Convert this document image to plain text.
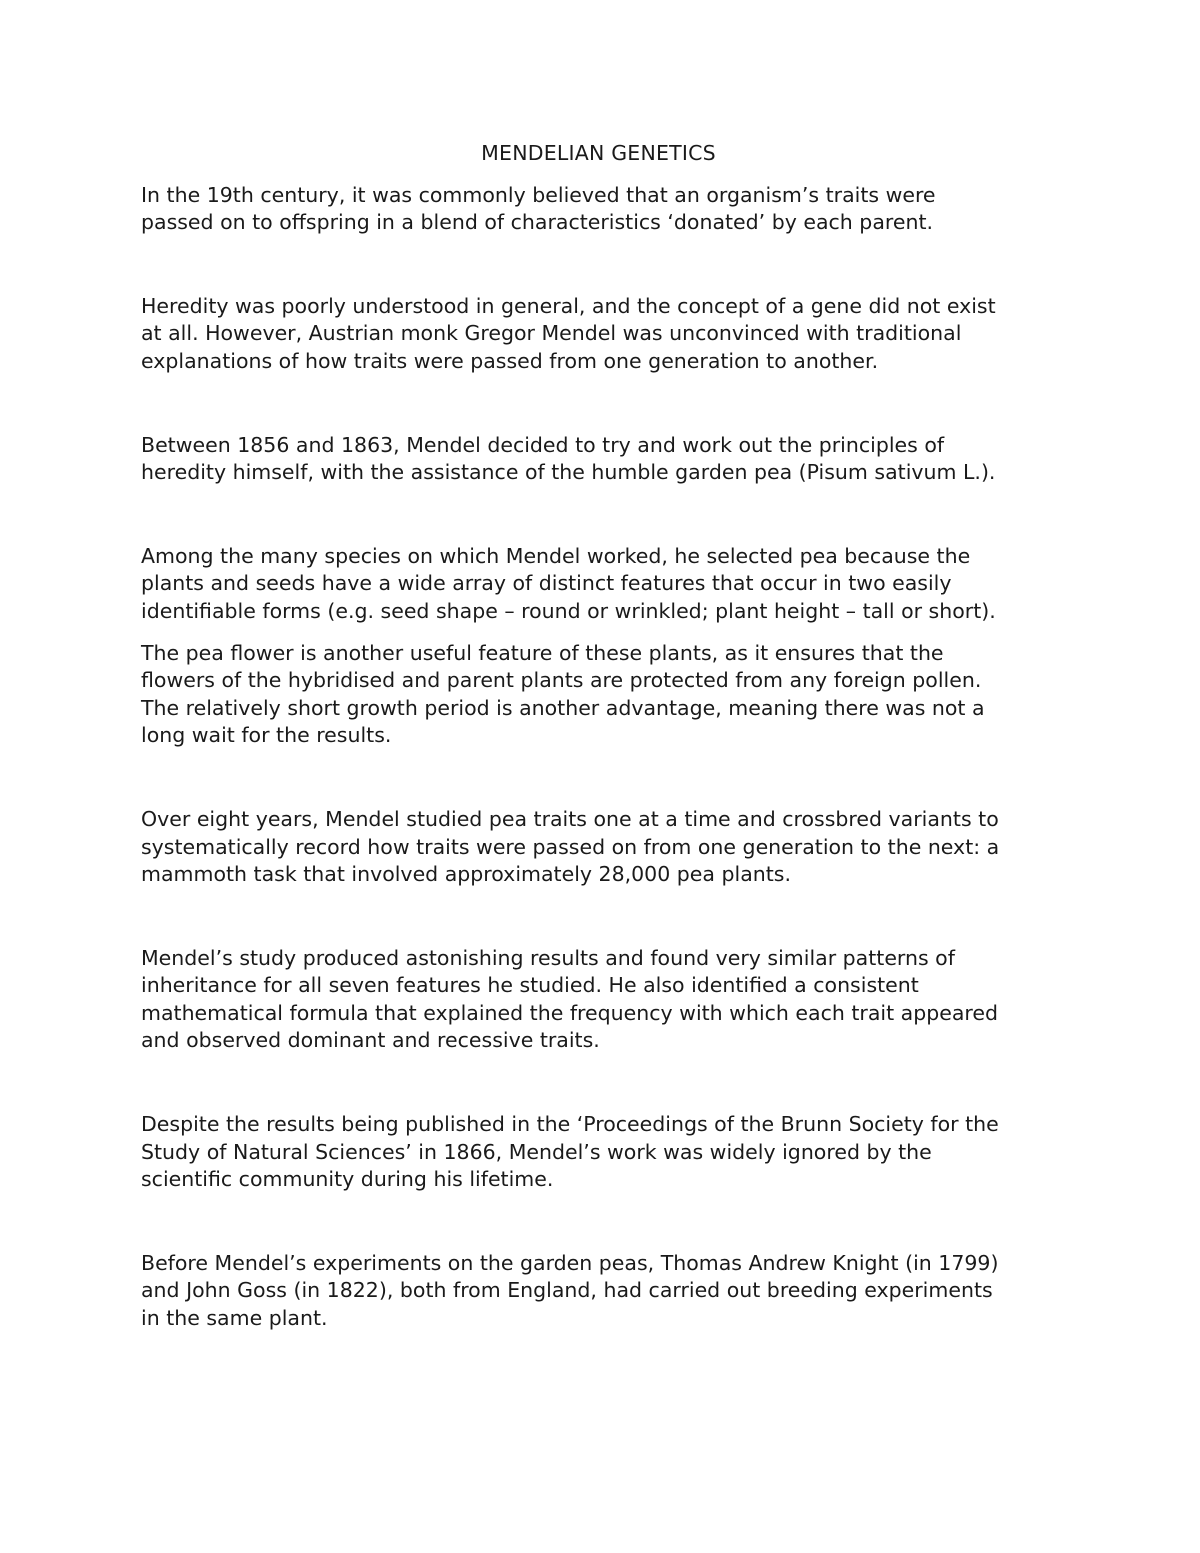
MENDELIAN GENETICS

In the 19th century, it was commonly believed that an organism’s traits were
passed on to offspring in a blend of characteristics ‘donated’ by each parent.

Heredity was poorly understood in general, and the concept of a gene did not exist
at all. However, Austrian monk Gregor Mendel was unconvinced with traditional
explanations of how traits were passed from one generation to another.

Between 1856 and 1863, Mendel decided to try and work out the principles of
heredity himself, with the assistance of the humble garden pea (Pisum sativum L.).

Among the many species on which Mendel worked, he selected pea because the
plants and seeds have a wide array of distinct features that occur in two easily
identifiable forms (e.g. seed shape – round or wrinkled; plant height – tall or short).

The pea flower is another useful feature of these plants, as it ensures that the
flowers of the hybridised and parent plants are protected from any foreign pollen.
The relatively short growth period is another advantage, meaning there was not a
long wait for the results.

Over eight years, Mendel studied pea traits one at a time and crossbred variants to
systematically record how traits were passed on from one generation to the next: a
mammoth task that involved approximately 28,000 pea plants.

Mendel’s study produced astonishing results and found very similar patterns of
inheritance for all seven features he studied. He also identified a consistent
mathematical formula that explained the frequency with which each trait appeared
and observed dominant and recessive traits.

Despite the results being published in the ‘Proceedings of the Brunn Society for the
Study of Natural Sciences’ in 1866, Mendel’s work was widely ignored by the
scientific community during his lifetime.

Before Mendel’s experiments on the garden peas, Thomas Andrew Knight (in 1799)
and John Goss (in 1822), both from England, had carried out breeding experiments
in the same plant.
